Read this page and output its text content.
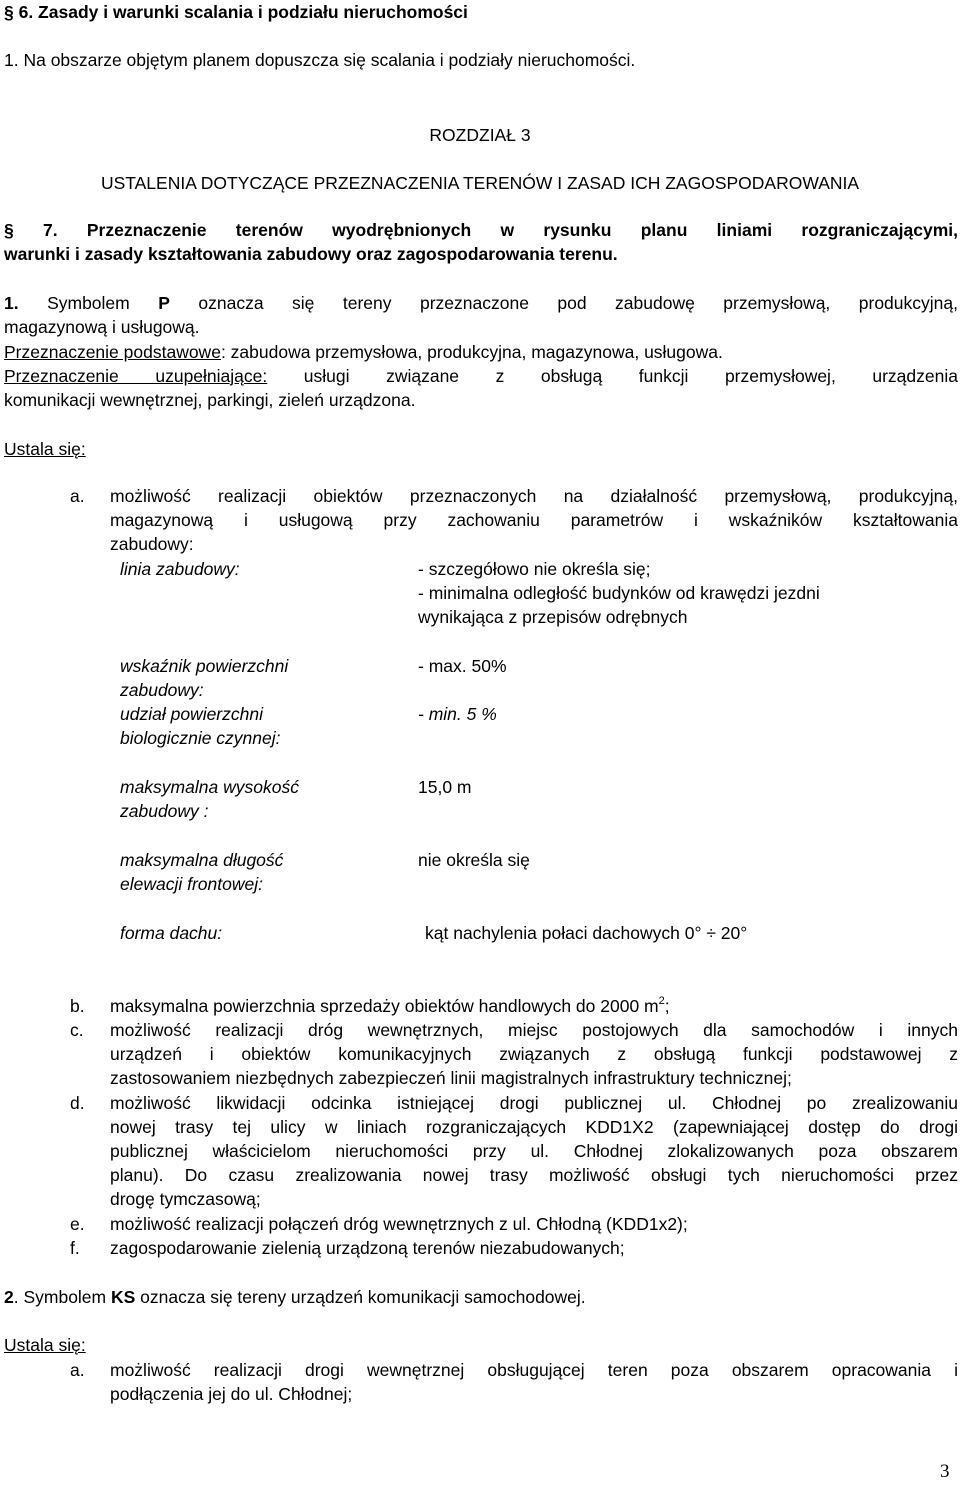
§ 6. Zasady i warunki scalania i podziału nieruchomości
1. Na obszarze objętym planem dopuszcza się scalania i podziały nieruchomości.
ROZDZIAŁ 3
USTALENIA DOTYCZĄCE PRZEZNACZENIA TERENÓW I ZASAD ICH ZAGOSPODAROWANIA
§ 7. Przeznaczenie terenów wyodrębnionych w rysunku planu liniami rozgraniczającymi,
warunki i zasady kształtowania zabudowy oraz zagospodarowania terenu.
1. Symbolem P oznacza się tereny przeznaczone pod zabudowę przemysłową, produkcyjną,
magazynową i usługową.
Przeznaczenie podstawowe: zabudowa przemysłowa, produkcyjna, magazynowa, usługowa.
Przeznaczenie uzupełniające: usługi związane z obsługą funkcji przemysłowej, urządzenia
komunikacji wewnętrznej, parkingi, zieleń urządzona.
Ustala się:
a. możliwość realizacji obiektów przeznaczonych na działalność przemysłową, produkcyjną,
magazynową i usługową przy zachowaniu parametrów i wskaźników kształtowania
zabudowy:
linia zabudowy:	- szczegółowo nie określa się;
- minimalna odległość budynków od krawędzi jezdni
wynikająca z przepisów odrębnych
wskaźnik powierzchni
zabudowy:
- max. 50%
udział powierzchni
biologicznie czynnej:
- min. 5 %
maksymalna wysokość
zabudowy :
15,0 m
maksymalna długość
elewacji frontowej:
nie określa się
forma dachu:	kąt nachylenia połaci dachowych 0° ÷ 20°
b. maksymalna powierzchnia sprzedaży obiektów handlowych do 2000 $m^2$;
c. możliwość realizacji dróg wewnętrznych, miejsc postojowych dla samochodów i innych
urządzeń i obiektów komunikacyjnych związanych z obsługą funkcji podstawowej z
zastosowaniem niezbędnych zabezpieczeń linii magistralnych infrastruktury technicznej;
d. możliwość likwidacji odcinka istniejącej drogi publicznej ul. Chłodnej po zrealizowaniu
nowej trasy tej ulicy w liniach rozgraniczających KDD1X2 (zapewniającej dostęp do drogi
publicznej właścicielom nieruchomości przy ul. Chłodnej zlokalizowanych poza obszarem
planu). Do czasu zrealizowania nowej trasy możliwość obsługi tych nieruchomości przez
drogę tymczasową;
e. możliwość realizacji połączeń dróg wewnętrznych z ul. Chłodną (KDD1x2);
f. zagospodarowanie zielenią urządzoną terenów niezabudowanych;
2. Symbolem KS oznacza się tereny urządzeń komunikacji samochodowej.
Ustala się:
a. możliwość realizacji drogi wewnętrznej obsługującej teren poza obszarem opracowania i
podłączenia jej do ul. Chłodnej;
3
